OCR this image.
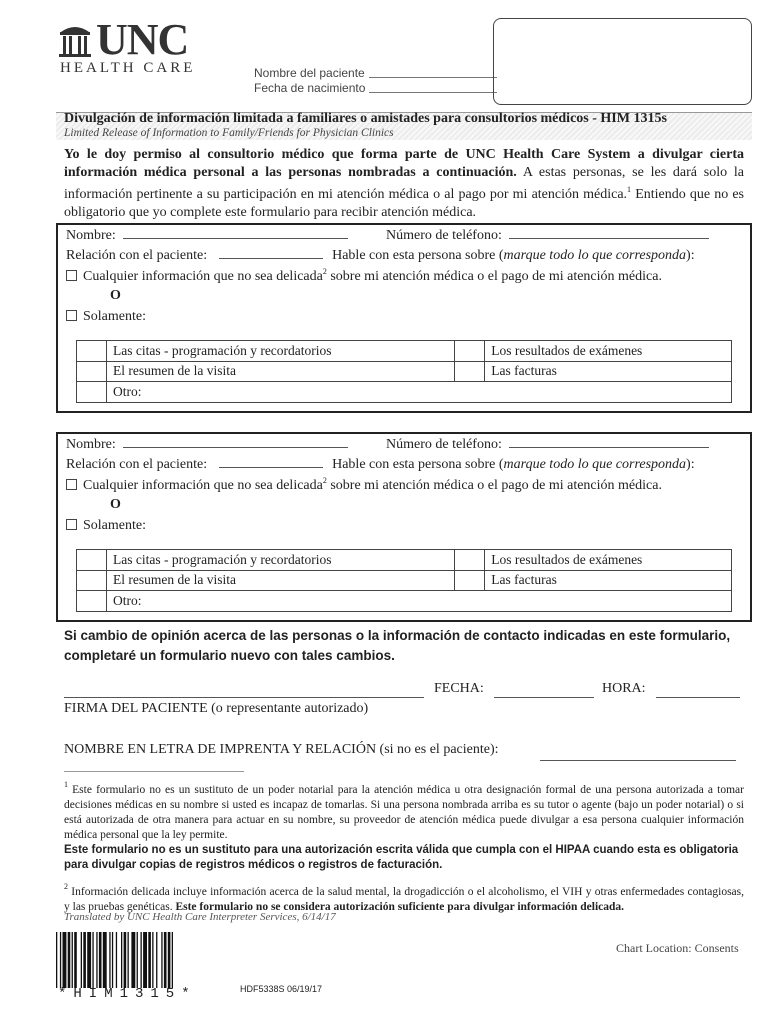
UNC
HEALTH CARE	Nombre del paciente
Fecha de nacimiento
Divulgación de información limitada a familiares o amistades para consultorios médicos - HIM 1315s
Limited Release of Information to Family/Friends for Physician Clinics
Yo le doy permiso al consultorio médico que forma parte de UNC Health Care System a divulgar cierta información médica personal a las personas nombradas a continuación. A estas personas, se les dará solo la información pertinente a su participación en mi atención médica o al pago por mi atención médica.$^1$ Entiendo que no es obligatorio que yo complete este formulario para recibir atención médica.
Nombre:	Número de teléfono:
Relación con el paciente:	Hable con esta persona sobre (marque todo lo que corresponda):
Cualquier información que no sea delicada$^2$ sobre mi atención médica o el pago de mi atención médica.
O
Solamente:
	Las citas - programación y recordatorios		Los resultados de exámenes
	El resumen de la visita		Las facturas
	Otro:		
Nombre:	Número de teléfono:
Relación con el paciente:	Hable con esta persona sobre (marque todo lo que corresponda):
Cualquier información que no sea delicada$^2$ sobre mi atención médica o el pago de mi atención médica.
O
Solamente:
	Las citas - programación y recordatorios		Los resultados de exámenes
	El resumen de la visita		Las facturas
	Otro:		
Si cambio de opinión acerca de las personas o la información de contacto indicadas en este formulario, completaré un formulario nuevo con tales cambios.
FECHA:	HORA:
FIRMA DEL PACIENTE (o representante autorizado)
NOMBRE EN LETRA DE IMPRENTA Y RELACIÓN (si no es el paciente):
$^1$ Este formulario no es un sustituto de un poder notarial para la atención médica u otra designación formal de una persona autorizada a tomar decisiones médicas en su nombre si usted es incapaz de tomarlas. Si una persona nombrada arriba es su tutor o agente (bajo un poder notarial) o si está autorizada de otra manera para actuar en su nombre, su proveedor de atención médica puede divulgar a esa persona cualquier información médica personal que la ley permite.
Este formulario no es un sustituto para una autorización escrita válida que cumpla con el HIPAA cuando esta es obligatoria para divulgar copias de registros médicos o registros de facturación.
$^2$ Información delicada incluye información acerca de la salud mental, la drogadicción o el alcoholismo, el VIH y otras enfermedades contagiosas, y las pruebas genéticas. Este formulario no se considera autorización suficiente para divulgar información delicada.
Translated by UNC Health Care Interpreter Services, 6/14/17
*HIM1315*	HDF5338S 06/19/17
Chart Location: Consents
